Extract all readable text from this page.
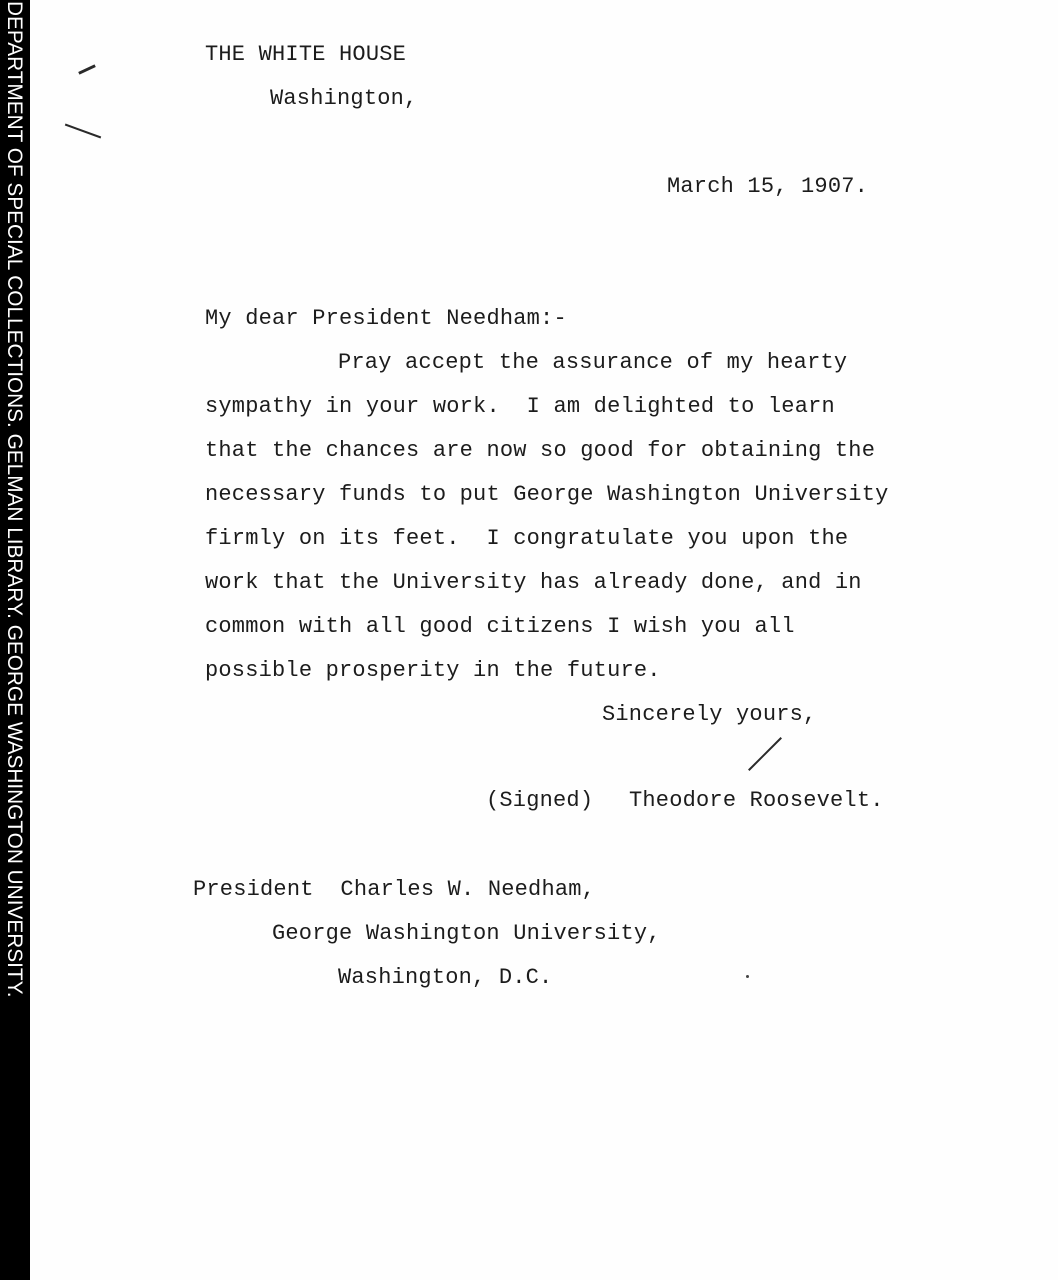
DEPARTMENT OF SPECIAL COLLECTIONS. GELMAN LIBRARY. GEORGE WASHINGTON UNIVERSITY.	THE WHITE HOUSE
Washington,
March 15, 1907.
My dear President Needham:-
Pray accept the assurance of my hearty
sympathy in your work.  I am delighted to learn
that the chances are now so good for obtaining the
necessary funds to put George Washington University
firmly on its feet.  I congratulate you upon the
work that the University has already done, and in
common with all good citizens I wish you all
possible prosperity in the future.
Sincerely yours,
(Signed) Theodore Roosevelt.
President  Charles W. Needham,
George Washington University,
Washington, D.C.
